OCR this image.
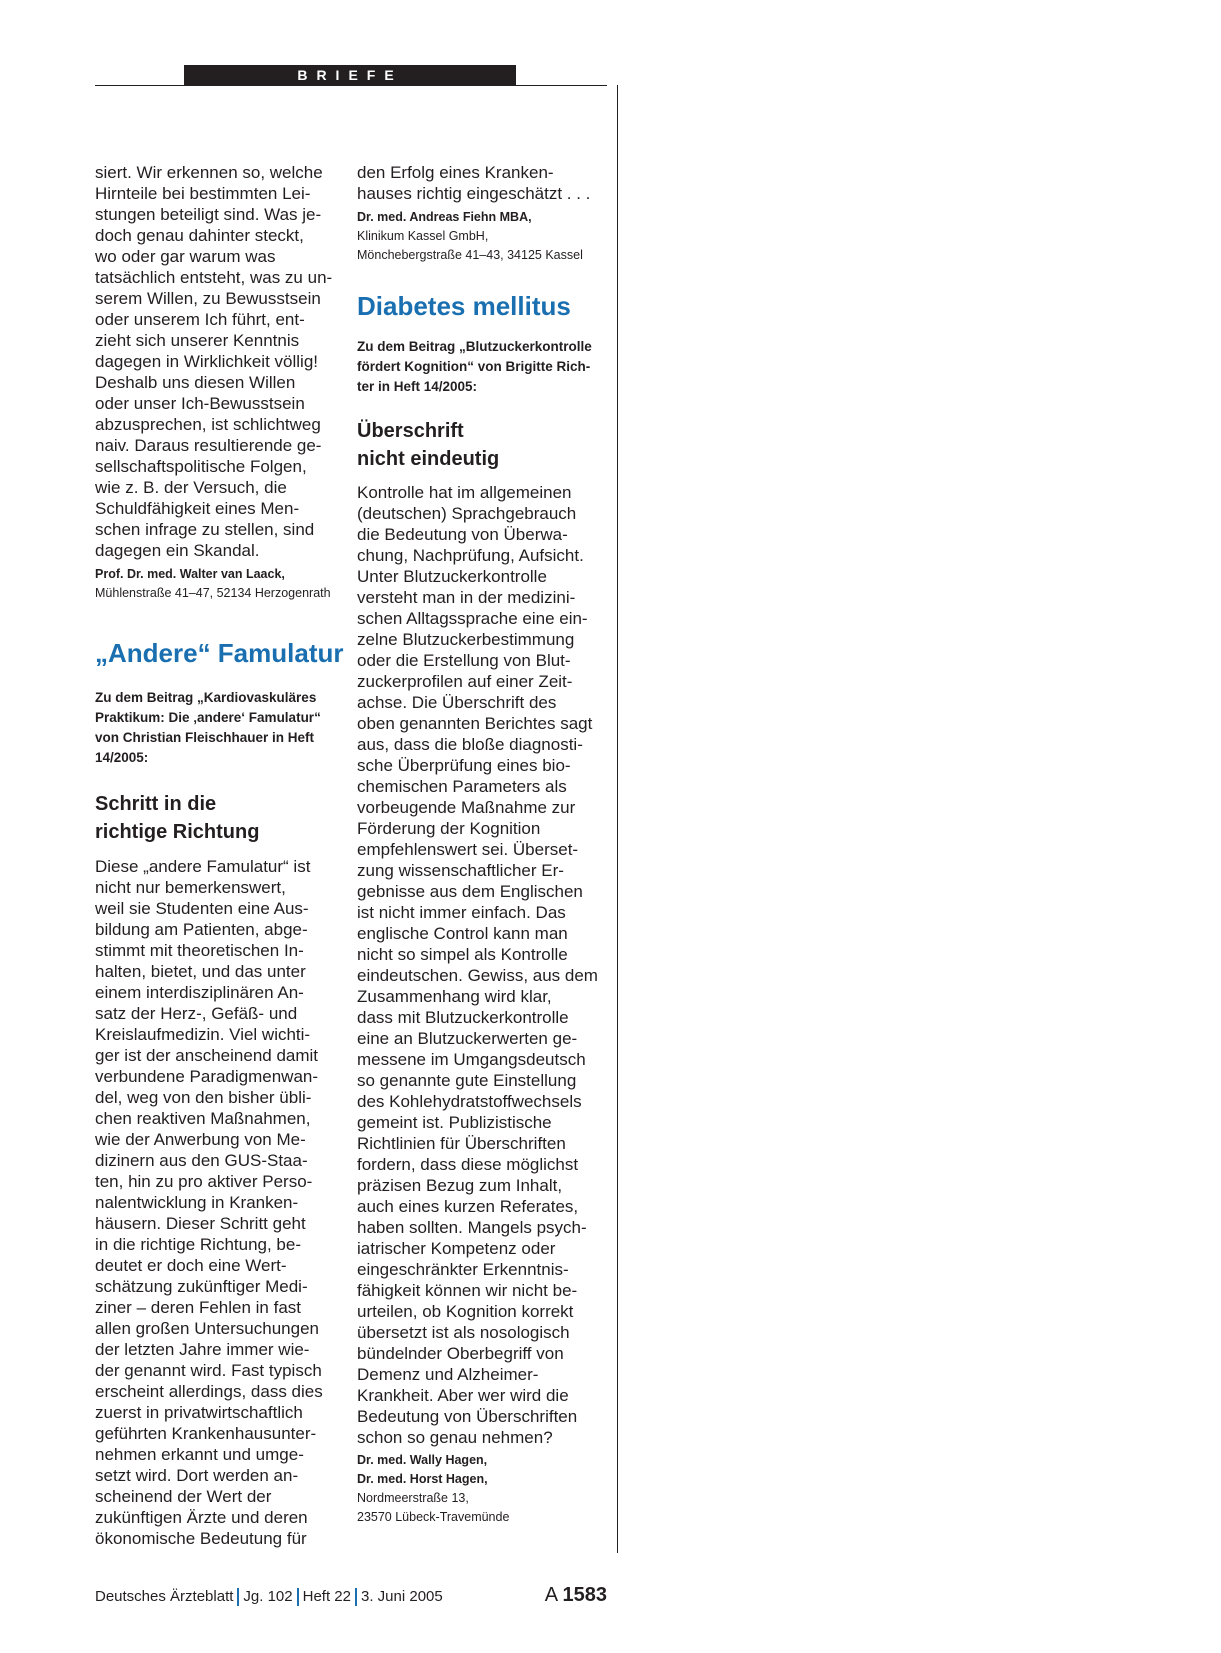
BRIEFE
siert. Wir erkennen so, welche
Hirnteile bei bestimmten Lei-
stungen beteiligt sind. Was je-
doch genau dahinter steckt,
wo oder gar warum was
tatsächlich entsteht, was zu un-
serem Willen, zu Bewusstsein
oder unserem Ich führt, ent-
zieht sich unserer Kenntnis
dagegen in Wirklichkeit völlig!
Deshalb uns diesen Willen
oder unser Ich-Bewusstsein
abzusprechen, ist schlichtweg
naiv. Daraus resultierende ge-
sellschaftspolitische Folgen,
wie z. B. der Versuch, die
Schuldfähigkeit eines Men-
schen infrage zu stellen, sind
dagegen ein Skandal.
Prof. Dr. med. Walter van Laack,
Mühlenstraße 41–47, 52134 Herzogenrath
„Andere“ Famulatur
Zu dem Beitrag „Kardiovaskuläres
Praktikum: Die ‚andere‘ Famulatur“
von Christian Fleischhauer in Heft
14/2005:
Schritt in die
richtige Richtung
Diese „andere Famulatur“ ist
nicht nur bemerkenswert,
weil sie Studenten eine Aus-
bildung am Patienten, abge-
stimmt mit theoretischen In-
halten, bietet, und das unter
einem interdisziplinären An-
satz der Herz-, Gefäß- und
Kreislaufmedizin. Viel wichti-
ger ist der anscheinend damit
verbundene Paradigmenwan-
del, weg von den bisher übli-
chen reaktiven Maßnahmen,
wie der Anwerbung von Me-
dizinern aus den GUS-Staa-
ten, hin zu pro aktiver Perso-
nalentwicklung in Kranken-
häusern. Dieser Schritt geht
in die richtige Richtung, be-
deutet er doch eine Wert-
schätzung zukünftiger Medi-
ziner – deren Fehlen in fast
allen großen Untersuchungen
der letzten Jahre immer wie-
der genannt wird. Fast typisch
erscheint allerdings, dass dies
zuerst in privatwirtschaftlich
geführten Krankenhausunter-
nehmen erkannt und umge-
setzt wird. Dort werden an-
scheinend der Wert der
zukünftigen Ärzte und deren
ökonomische Bedeutung für
den Erfolg eines Kranken-
hauses richtig eingeschätzt . . .
Dr. med. Andreas Fiehn MBA,
Klinikum Kassel GmbH,
Mönchebergstraße 41–43, 34125 Kassel
Diabetes mellitus
Zu dem Beitrag „Blutzuckerkontrolle
fördert Kognition“ von Brigitte Rich-
ter in Heft 14/2005:
Überschrift
nicht eindeutig
Kontrolle hat im allgemeinen
(deutschen) Sprachgebrauch
die Bedeutung von Überwa-
chung, Nachprüfung, Aufsicht.
Unter Blutzuckerkontrolle
versteht man in der medizini-
schen Alltagssprache eine ein-
zelne Blutzuckerbestimmung
oder die Erstellung von Blut-
zuckerprofilen auf einer Zeit-
achse. Die Überschrift des
oben genannten Berichtes sagt
aus, dass die bloße diagnosti-
sche Überprüfung eines bio-
chemischen Parameters als
vorbeugende Maßnahme zur
Förderung der Kognition
empfehlenswert sei. Überset-
zung wissenschaftlicher Er-
gebnisse aus dem Englischen
ist nicht immer einfach. Das
englische Control kann man
nicht so simpel als Kontrolle
eindeutschen. Gewiss, aus dem
Zusammenhang wird klar,
dass mit Blutzuckerkontrolle
eine an Blutzuckerwerten ge-
messene im Umgangsdeutsch
so genannte gute Einstellung
des Kohlehydratstoffwechsels
gemeint ist. Publizistische
Richtlinien für Überschriften
fordern, dass diese möglichst
präzisen Bezug zum Inhalt,
auch eines kurzen Referates,
haben sollten. Mangels psych-
iatrischer Kompetenz oder
eingeschränkter Erkenntnis-
fähigkeit können wir nicht be-
urteilen, ob Kognition korrekt
übersetzt ist als nosologisch
bündelnder Oberbegriff von
Demenz und Alzheimer-
Krankheit. Aber wer wird die
Bedeutung von Überschriften
schon so genau nehmen?
Dr. med. Wally Hagen,
Dr. med. Horst Hagen,
Nordmeerstraße 13,
23570 Lübeck-Travemünde
Deutsches Ärzteblatt Jg. 102 Heft 22 3. Juni 2005	A 1583
